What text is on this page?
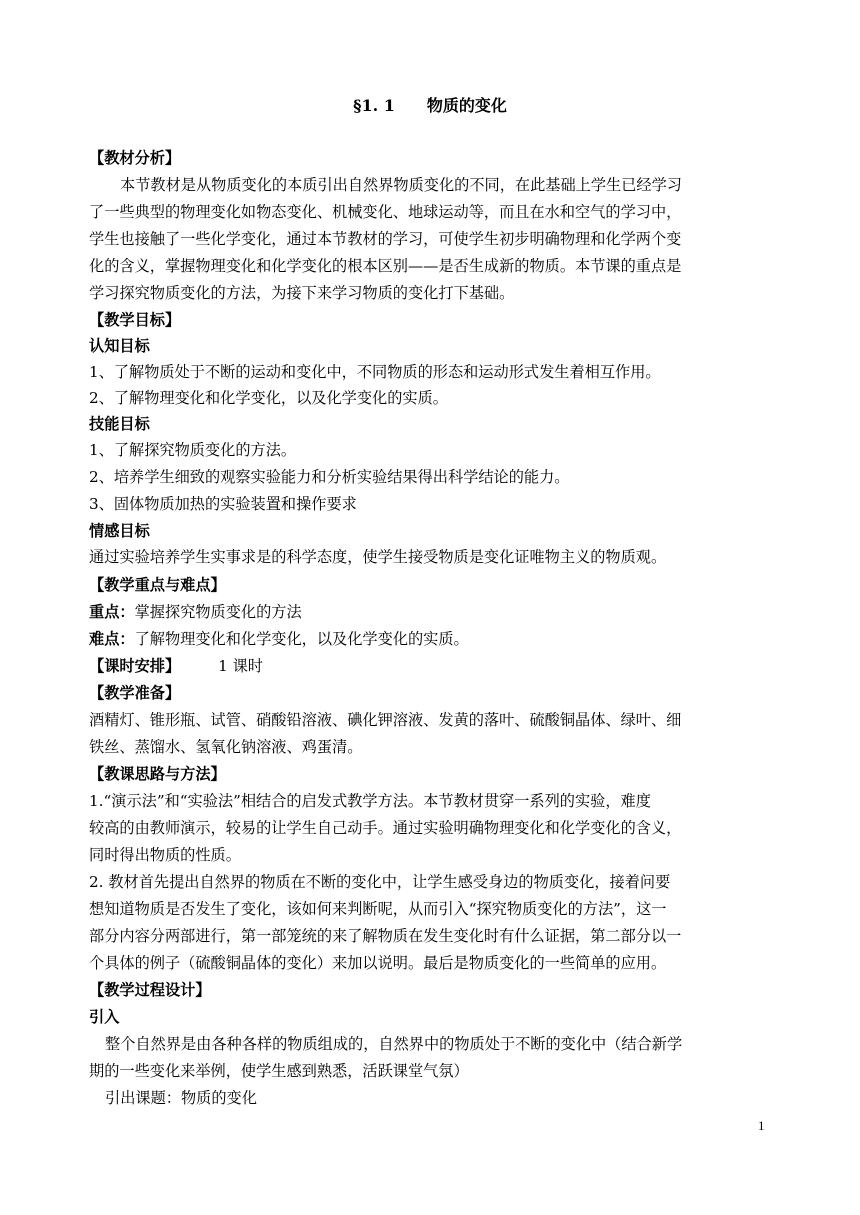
§1. 1　　物质的变化
【教材分析】
本节教材是从物质变化的本质引出自然界物质变化的不同，在此基础上学生已经学习
了一些典型的物理变化如物态变化、机械变化、地球运动等，而且在水和空气的学习中，
学生也接触了一些化学变化，通过本节教材的学习，可使学生初步明确物理和化学两个变
化的含义，掌握物理变化和化学变化的根本区别——是否生成新的物质。本节课的重点是
学习探究物质变化的方法，为接下来学习物质的变化打下基础。
【教学目标】
认知目标
1、了解物质处于不断的运动和变化中，不同物质的形态和运动形式发生着相互作用。
2、了解物理变化和化学变化，以及化学变化的实质。
技能目标
1、了解探究物质变化的方法。
2、培养学生细致的观察实验能力和分析实验结果得出科学结论的能力。
3、固体物质加热的实验装置和操作要求
情感目标
通过实验培养学生实事求是的科学态度，使学生接受物质是变化证唯物主义的物质观。
【教学重点与难点】
重点：掌握探究物质变化的方法
难点：了解物理变化和化学变化，以及化学变化的实质。
【课时安排】	1 课时
【教学准备】
酒精灯、锥形瓶、试管、硝酸铅溶液、碘化钾溶液、发黄的落叶、硫酸铜晶体、绿叶、细
铁丝、蒸馏水、氢氧化钠溶液、鸡蛋清。
【教课思路与方法】
1.“演示法”和“实验法”相结合的启发式教学方法。本节教材贯穿一系列的实验，难度
较高的由教师演示，较易的让学生自己动手。通过实验明确物理变化和化学变化的含义，
同时得出物质的性质。
2. 教材首先提出自然界的物质在不断的变化中，让学生感受身边的物质变化，接着问要
想知道物质是否发生了变化，该如何来判断呢，从而引入“探究物质变化的方法”，这一
部分内容分两部进行，第一部笼统的来了解物质在发生变化时有什么证据，第二部分以一
个具体的例子（硫酸铜晶体的变化）来加以说明。最后是物质变化的一些简单的应用。
【教学过程设计】
引入
整个自然界是由各种各样的物质组成的，自然界中的物质处于不断的变化中（结合新学
期的一些变化来举例，使学生感到熟悉，活跃课堂气氛）
引出课题：物质的变化
1
